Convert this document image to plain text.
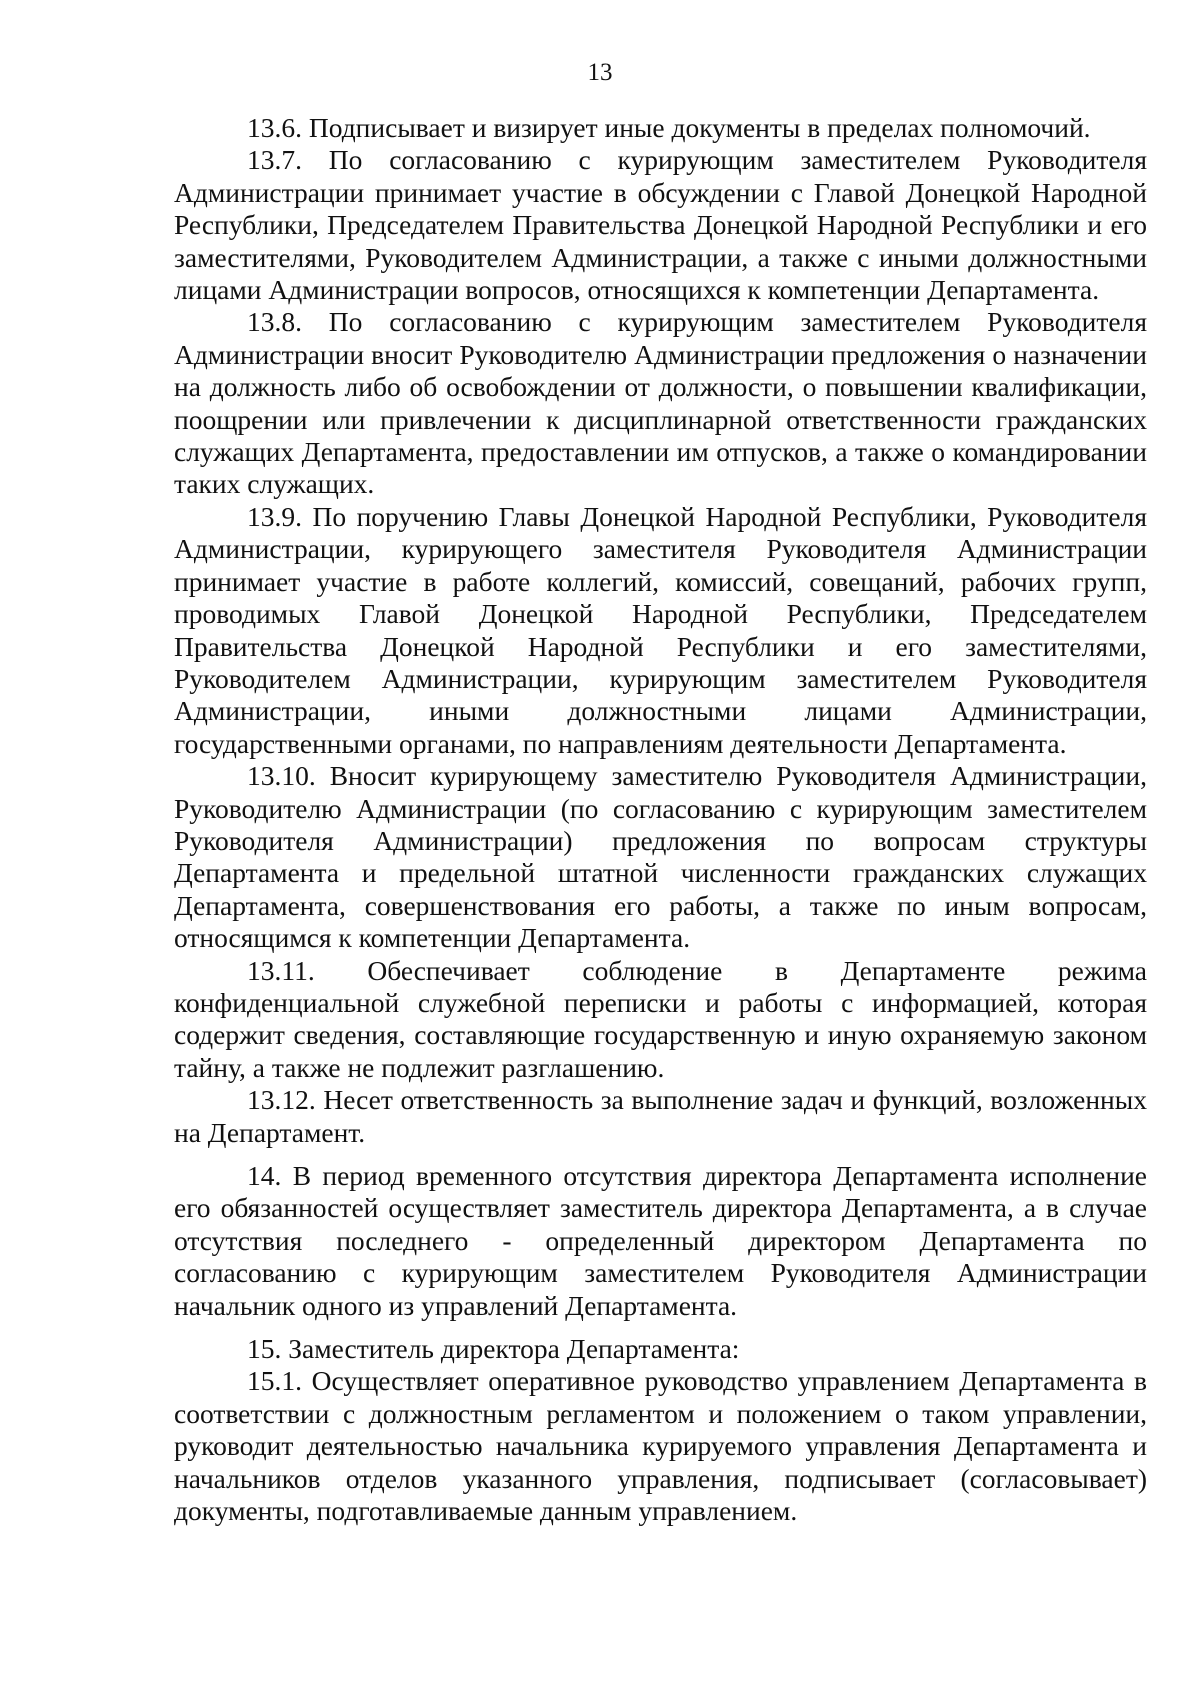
13

13.6. Подписывает и визирует иные документы в пределах полномочий.

13.7. По согласованию с курирующим заместителем Руководителя Администрации принимает участие в обсуждении с Главой Донецкой Народной Республики, Председателем Правительства Донецкой Народной Республики и его заместителями, Руководителем Администрации, а также с иными должностными лицами Администрации вопросов, относящихся к компетенции Департамента.

13.8. По согласованию с курирующим заместителем Руководителя Администрации вносит Руководителю Администрации предложения о назначении на должность либо об освобождении от должности, о повышении квалификации, поощрении или привлечении к дисциплинарной ответственности гражданских служащих Департамента, предоставлении им отпусков, а также о командировании таких служащих.

13.9. По поручению Главы Донецкой Народной Республики, Руководителя Администрации, курирующего заместителя Руководителя Администрации принимает участие в работе коллегий, комиссий, совещаний, рабочих групп, проводимых Главой Донецкой Народной Республики, Председателем Правительства Донецкой Народной Республики и его заместителями, Руководителем Администрации, курирующим заместителем Руководителя Администрации, иными должностными лицами Администрации, государственными органами, по направлениям деятельности Департамента.

13.10. Вносит курирующему заместителю Руководителя Администрации, Руководителю Администрации (по согласованию с курирующим заместителем Руководителя Администрации) предложения по вопросам структуры Департамента и предельной штатной численности гражданских служащих Департамента, совершенствования его работы, а также по иным вопросам, относящимся к компетенции Департамента.

13.11. Обеспечивает соблюдение в Департаменте режима конфиденциальной служебной переписки и работы с информацией, которая содержит сведения, составляющие государственную и иную охраняемую законом тайну, а также не подлежит разглашению.

13.12. Несет ответственность за выполнение задач и функций, возложенных на Департамент.

14. В период временного отсутствия директора Департамента исполнение его обязанностей осуществляет заместитель директора Департамента, а в случае отсутствия последнего - определенный директором Департамента по согласованию с курирующим заместителем Руководителя Администрации начальник одного из управлений Департамента.

15. Заместитель директора Департамента:

15.1. Осуществляет оперативное руководство управлением Департамента в соответствии с должностным регламентом и положением о таком управлении, руководит деятельностью начальника курируемого управления Департамента и начальников отделов указанного управления, подписывает (согласовывает) документы, подготавливаемые данным управлением.
